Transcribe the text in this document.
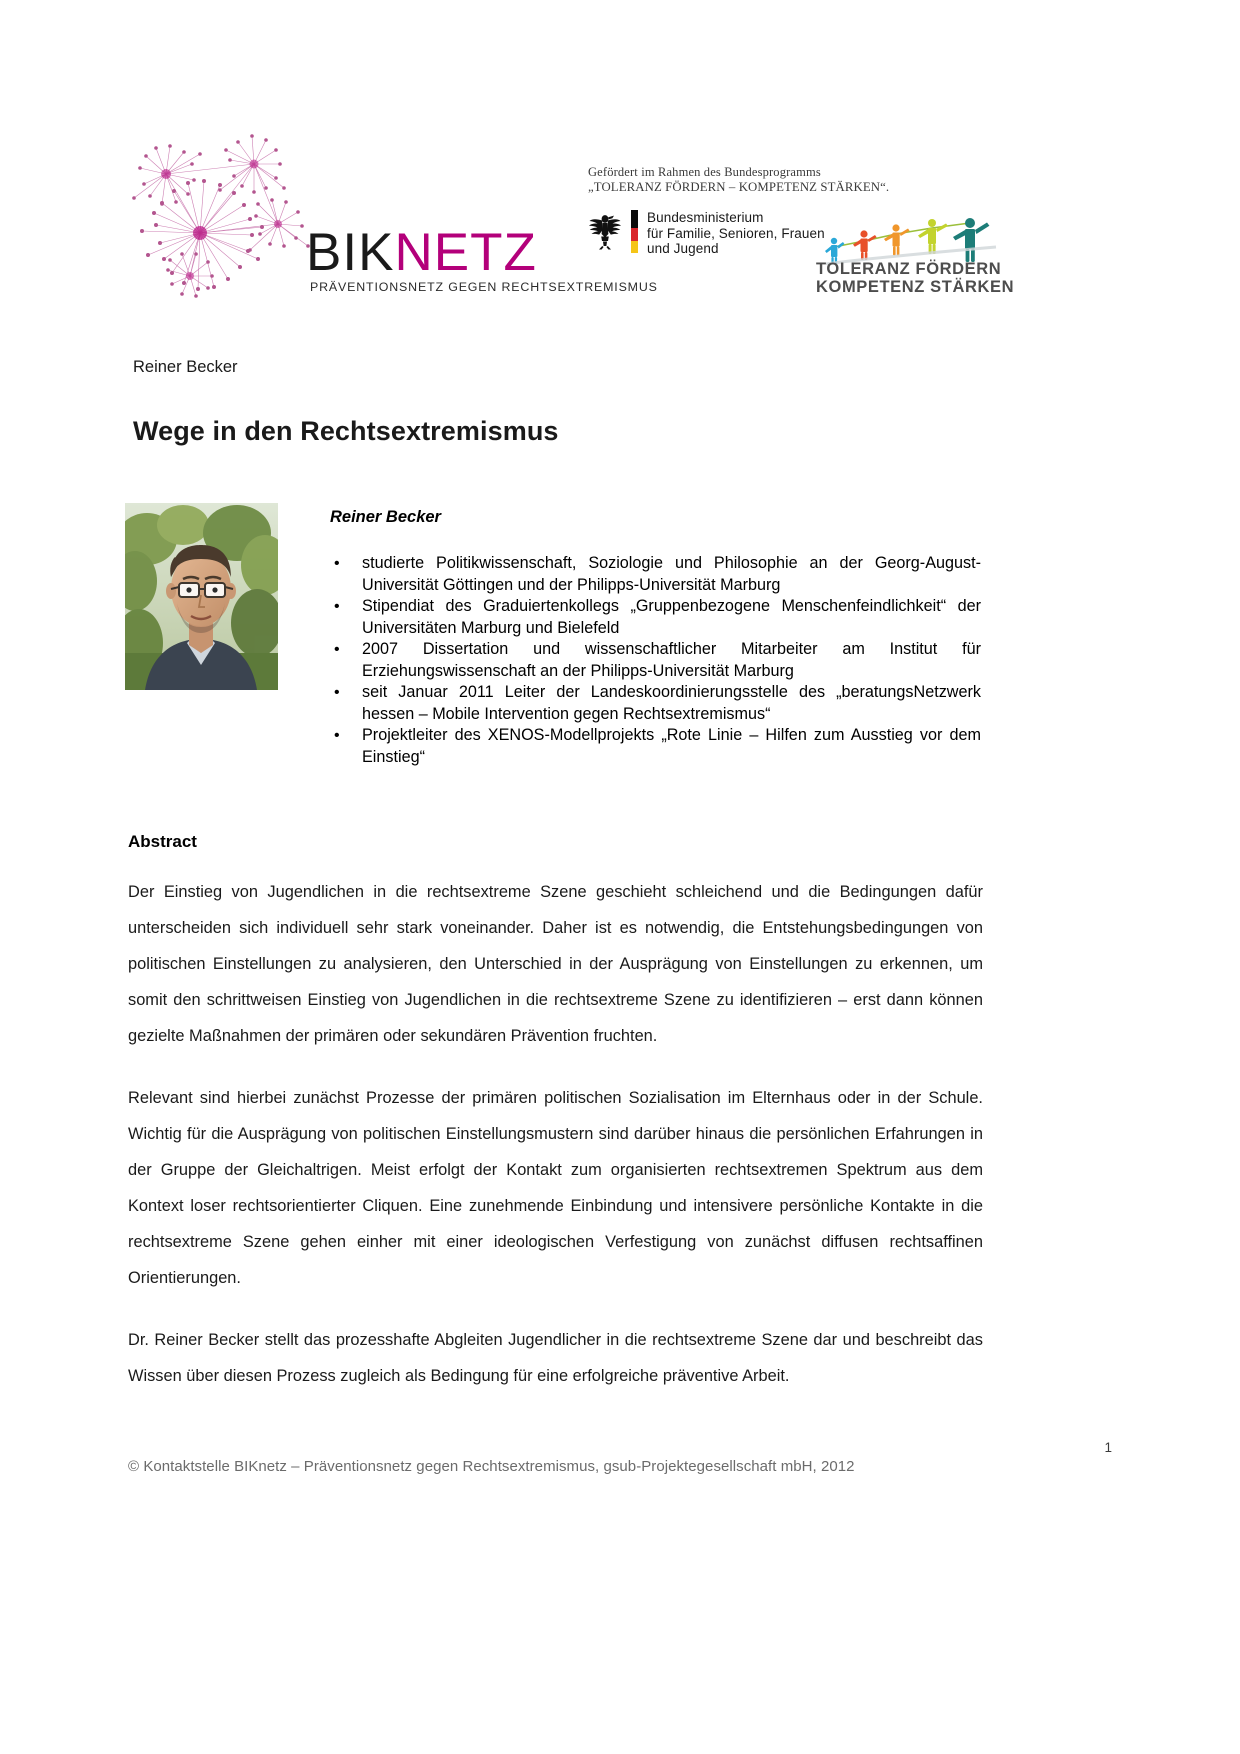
BIKNETZ
PRÄVENTIONSNETZ GEGEN RECHTSEXTREMISMUS
Gefördert im Rahmen des Bundesprogramms
„TOLERANZ FÖRDERN – KOMPETENZ STÄRKEN“.
Bundesministerium
für Familie, Senioren, Frauen
und Jugend
TOLERANZ FÖRDERN
KOMPETENZ STÄRKEN
Reiner Becker
Wege in den Rechtsextremismus
Reiner Becker
• studierte Politikwissenschaft, Soziologie und Philosophie an der Georg-August-Universität Göttingen und der Philipps-Universität Marburg
• Stipendiat des Graduiertenkollegs „Gruppenbezogene Menschenfeindlichkeit“ der Universitäten Marburg und Bielefeld
• 2007 Dissertation und wissenschaftlicher Mitarbeiter am Institut für Erziehungswissenschaft an der Philipps-Universität Marburg
• seit Januar 2011 Leiter der Landeskoordinierungsstelle des „beratungsNetzwerk hessen – Mobile Intervention gegen Rechtsextremismus“
• Projektleiter des XENOS-Modellprojekts „Rote Linie – Hilfen zum Ausstieg vor dem Einstieg“
Abstract

Der Einstieg von Jugendlichen in die rechtsextreme Szene geschieht schleichend und die Bedingungen dafür unterscheiden sich individuell sehr stark voneinander. Daher ist es notwendig, die Entstehungsbedingungen von politischen Einstellungen zu analysieren, den Unterschied in der Ausprägung von Einstellungen zu erkennen, um somit den schrittweisen Einstieg von Jugendlichen in die rechtsextreme Szene zu identifizieren – erst dann können gezielte Maßnahmen der primären oder sekundären Prävention fruchten.

Relevant sind hierbei zunächst Prozesse der primären politischen Sozialisation im Elternhaus oder in der Schule. Wichtig für die Ausprägung von politischen Einstellungsmustern sind darüber hinaus die persönlichen Erfahrungen in der Gruppe der Gleichaltrigen. Meist erfolgt der Kontakt zum organisierten rechtsextremen Spektrum aus dem Kontext loser rechtsorientierter Cliquen. Eine zunehmende Einbindung und intensivere persönliche Kontakte in die rechtsextreme Szene gehen einher mit einer ideologischen Verfestigung von zunächst diffusen rechtsaffinen Orientierungen.

Dr. Reiner Becker stellt das prozesshafte Abgleiten Jugendlicher in die rechtsextreme Szene dar und beschreibt das Wissen über diesen Prozess zugleich als Bedingung für eine erfolgreiche präventive Arbeit.

1
© Kontaktstelle BIKnetz – Präventionsnetz gegen Rechtsextremismus, gsub-Projektegesellschaft mbH, 2012
